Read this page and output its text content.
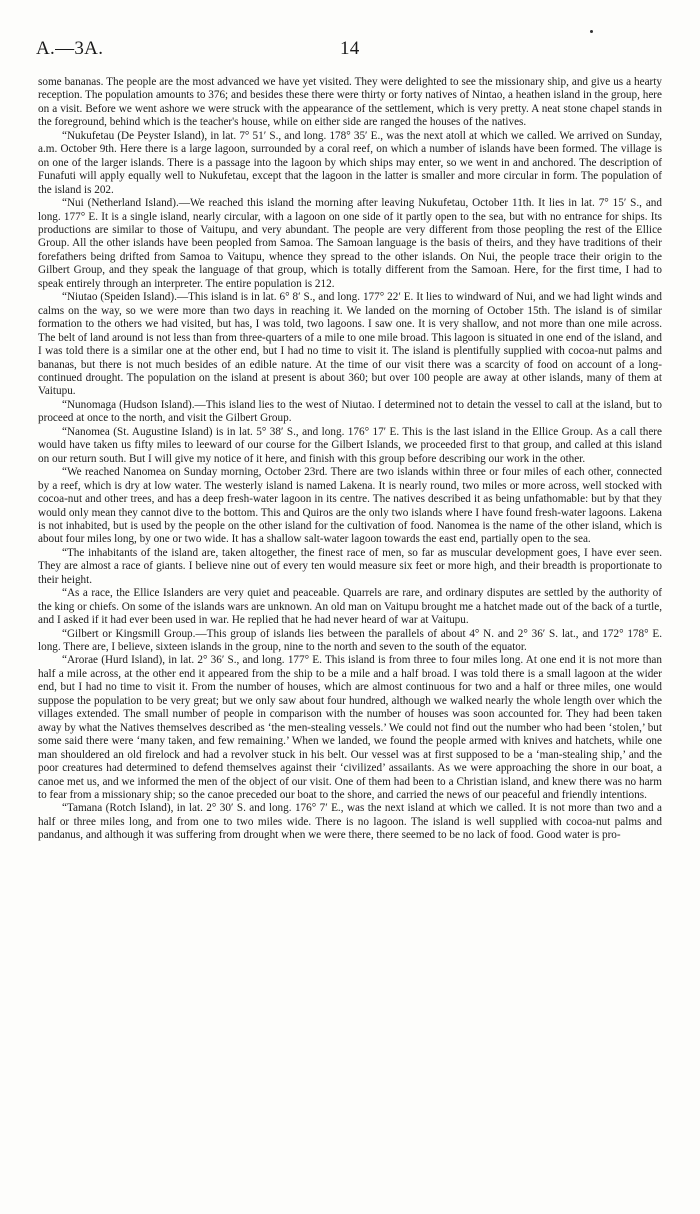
A.—3A.	14

some bananas. The people are the most advanced we have yet visited. They were delighted to see the missionary ship, and give us a hearty reception. The population amounts to 376; and besides these there were thirty or forty natives of Nintao, a heathen island in the group, here on a visit. Before we went ashore we were struck with the appearance of the settlement, which is very pretty. A neat stone chapel stands in the foreground, behind which is the teacher's house, while on either side are ranged the houses of the natives.

“Nukufetau (De Peyster Island), in lat. 7° 51′ S., and long. 178° 35′ E., was the next atoll at which we called. We arrived on Sunday, a.m. October 9th. Here there is a large lagoon, surrounded by a coral reef, on which a number of islands have been formed. The village is on one of the larger islands. There is a passage into the lagoon by which ships may enter, so we went in and anchored. The description of Funafuti will apply equally well to Nukufetau, except that the lagoon in the latter is smaller and more circular in form. The population of the island is 202.

“Nui (Netherland Island).—We reached this island the morning after leaving Nukufetau, October 11th. It lies in lat. 7° 15′ S., and long. 177° E. It is a single island, nearly circular, with a lagoon on one side of it partly open to the sea, but with no entrance for ships. Its productions are similar to those of Vaitupu, and very abundant. The people are very different from those peopling the rest of the Ellice Group. All the other islands have been peopled from Samoa. The Samoan language is the basis of theirs, and they have traditions of their forefathers being drifted from Samoa to Vaitupu, whence they spread to the other islands. On Nui, the people trace their origin to the Gilbert Group, and they speak the language of that group, which is totally different from the Samoan. Here, for the first time, I had to speak entirely through an interpreter. The entire population is 212.

“Niutao (Speiden Island).—This island is in lat. 6° 8′ S., and long. 177° 22′ E. It lies to windward of Nui, and we had light winds and calms on the way, so we were more than two days in reaching it. We landed on the morning of October 15th. The island is of similar formation to the others we had visited, but has, I was told, two lagoons. I saw one. It is very shallow, and not more than one mile across. The belt of land around is not less than from three-quarters of a mile to one mile broad. This lagoon is situated in one end of the island, and I was told there is a similar one at the other end, but I had no time to visit it. The island is plentifully supplied with cocoa-nut palms and bananas, but there is not much besides of an edible nature. At the time of our visit there was a scarcity of food on account of a long-continued drought. The population on the island at present is about 360; but over 100 people are away at other islands, many of them at Vaitupu.

“Nunomaga (Hudson Island).—This island lies to the west of Niutao. I determined not to detain the vessel to call at the island, but to proceed at once to the north, and visit the Gilbert Group.

“Nanomea (St. Augustine Island) is in lat. 5° 38′ S., and long. 176° 17′ E. This is the last island in the Ellice Group. As a call there would have taken us fifty miles to leeward of our course for the Gilbert Islands, we proceeded first to that group, and called at this island on our return south. But I will give my notice of it here, and finish with this group before describing our work in the other.

“We reached Nanomea on Sunday morning, October 23rd. There are two islands within three or four miles of each other, connected by a reef, which is dry at low water. The westerly island is named Lakena. It is nearly round, two miles or more across, well stocked with cocoa-nut and other trees, and has a deep fresh-water lagoon in its centre. The natives described it as being unfathomable: but by that they would only mean they cannot dive to the bottom. This and Quiros are the only two islands where I have found fresh-water lagoons. Lakena is not inhabited, but is used by the people on the other island for the cultivation of food. Nanomea is the name of the other island, which is about four miles long, by one or two wide. It has a shallow salt-water lagoon towards the east end, partially open to the sea.

“The inhabitants of the island are, taken altogether, the finest race of men, so far as muscular development goes, I have ever seen. They are almost a race of giants. I believe nine out of every ten would measure six feet or more high, and their breadth is proportionate to their height.

“As a race, the Ellice Islanders are very quiet and peaceable. Quarrels are rare, and ordinary disputes are settled by the authority of the king or chiefs. On some of the islands wars are unknown. An old man on Vaitupu brought me a hatchet made out of the back of a turtle, and I asked if it had ever been used in war. He replied that he had never heard of war at Vaitupu.

“Gilbert or Kingsmill Group.—This group of islands lies between the parallels of about 4° N. and 2° 36′ S. lat., and 172° 178° E. long. There are, I believe, sixteen islands in the group, nine to the north and seven to the south of the equator.

“Arorae (Hurd Island), in lat. 2° 36′ S., and long. 177° E. This island is from three to four miles long. At one end it is not more than half a mile across, at the other end it appeared from the ship to be a mile and a half broad. I was told there is a small lagoon at the wider end, but I had no time to visit it. From the number of houses, which are almost continuous for two and a half or three miles, one would suppose the population to be very great; but we only saw about four hundred, although we walked nearly the whole length over which the villages extended. The small number of people in comparison with the number of houses was soon accounted for. They had been taken away by what the Natives themselves described as ‘the men-stealing vessels.’ We could not find out the number who had been ‘stolen,’ but some said there were ‘many taken, and few remaining.’ When we landed, we found the people armed with knives and hatchets, while one man shouldered an old firelock and had a revolver stuck in his belt. Our vessel was at first supposed to be a ‘man-stealing ship,’ and the poor creatures had determined to defend themselves against their ‘civilized’ assailants. As we were approaching the shore in our boat, a canoe met us, and we informed the men of the object of our visit. One of them had been to a Christian island, and knew there was no harm to fear from a missionary ship; so the canoe preceded our boat to the shore, and carried the news of our peaceful and friendly intentions.

“Tamana (Rotch Island), in lat. 2° 30′ S. and long. 176° 7′ E., was the next island at which we called. It is not more than two and a half or three miles long, and from one to two miles wide. There is no lagoon. The island is well supplied with cocoa-nut palms and pandanus, and although it was suffering from drought when we were there, there seemed to be no lack of food. Good water is pro-
